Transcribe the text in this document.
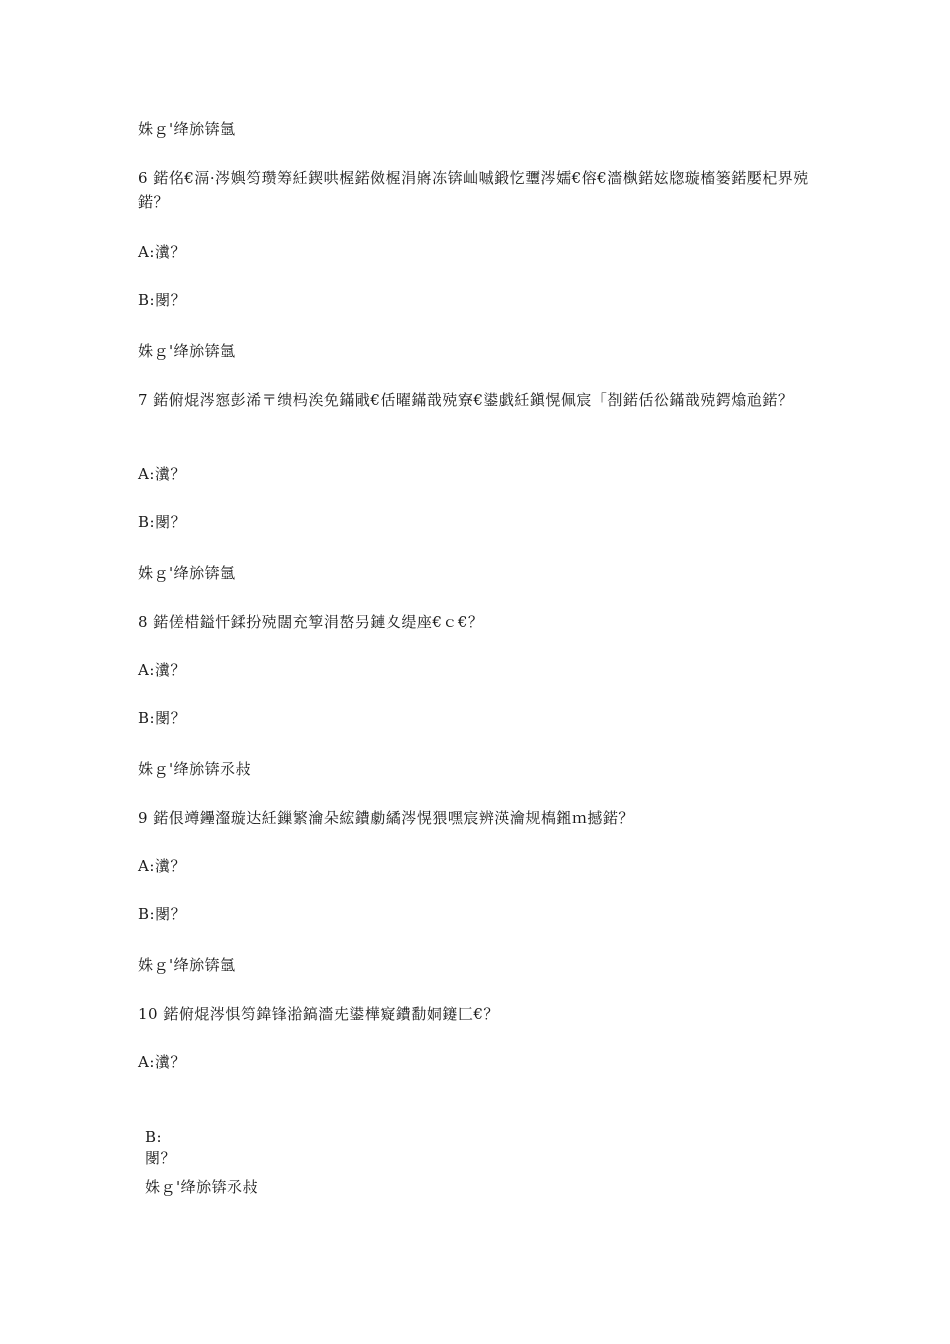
姝ｇ'绛旀锛氬
6 鍩佲€滆·涔嬩笉瓒筹紝鍥哄楃鍩傚楃涓嶈冻锛屾嘁鍛忔瓕涔嬬€傛€濇槸鍩妶牎璇槒篓鍩嬮杞界殑鍩？
A:瀵？
B:閿？
姝ｇ'绛旀锛氬
7 鍩俯焜涔惌彭浠〒缋杩涘免鏋戙€佸曜鏋戠殑寮€鍙戯紝鎭愰佩宸「剳鍩佸彸鏋戠殑鍔熻兘鍩？
A:瀵？
B:閿？
姝ｇ'绛旀锛氬
8 鍩傞棤鎰忓鍒扮殑闊充箰涓嶅叧鏈夊缇座€ｃ€？
A:瀵？
B:閿？
姝ｇ'绛旀锛氶敊
9 鍩佷竴鑸瀣璇达紝鏁繁瀹朵綋鐨勮繘涔愰猥嘿宸辨渶瀹规槗鎺ｍ撼鍩？
A:瀵？
B:閿？
姝ｇ'绛旀锛氬
10 鍩俯焜涔惧笉鍏锋湁鎬濇兂鍙樺寲鐨勫姛鑳匚€？
A:瀵？
B:
閿？
姝ｇ'绛旀锛氶敊
